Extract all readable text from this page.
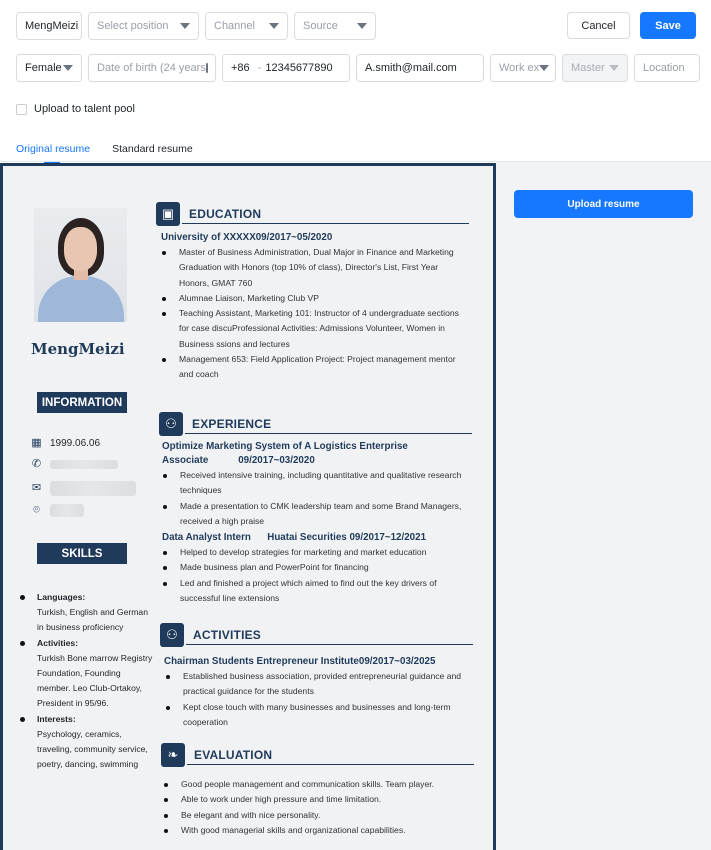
MengMeizi Select position	Channel	Source	Cancel	Save
Female	Date of birth (24 years +86 - 12345677890	A.smith@mail.com	Work ex	Master	Location
Upload to talent pool
Original resume Standard resume
Upload resume
MengMeizi
INFORMATION
▦ 1999.06.06
✆
✉
⌾
SKILLS
Languages:
Turkish, English and German in business proficiency
Activities:
Turkish Bone marrow Registry Foundation, Founding member. Leo Club-Ortakoy, President in 95/96.
Interests:
Psychology, ceramics, traveling, community service, poetry, dancing, swimming
▣	EDUCATION
University of XXXXX09/2017~05/2020
Master of Business Administration, Dual Major in Finance and Marketing Graduation with Honors (top 10% of class), Director's List, First Year Honors, GMAT 760
Alumnae Liaison, Marketing Club VP
Teaching Assistant, Marketing 101: Instructor of 4 undergraduate sections for case discuProfessional Activities: Admissions Volunteer, Women in Business ssions and lectures
Management 653: Field Application Project: Project management mentor and coach
⚇	EXPERIENCE
Optimize Marketing System of A Logistics Enterprise
Associate           09/2017~03/2020
Received intensive training, including quantitative and qualitative research techniques
Made a presentation to CMK leadership team and some Brand Managers, received a high praise
Data Analyst Intern      Huatai Securities 09/2017~12/2021
Helped to develop strategies for marketing and market education
Made business plan and PowerPoint for financing
Led and finished a project which aimed to find out the key drivers of successful line extensions
⚇	ACTIVITIES
Chairman Students Entrepreneur Institute09/2017~03/2025
Established business association, provided entrepreneurial guidance and practical guidance for the students
Kept close touch with many businesses and businesses and long-term cooperation
❧	EVALUATION
Good people management and communication skills. Team player.
Able to work under high pressure and time limitation.
Be elegant and with nice personality.
With good managerial skills and organizational capabilities.
